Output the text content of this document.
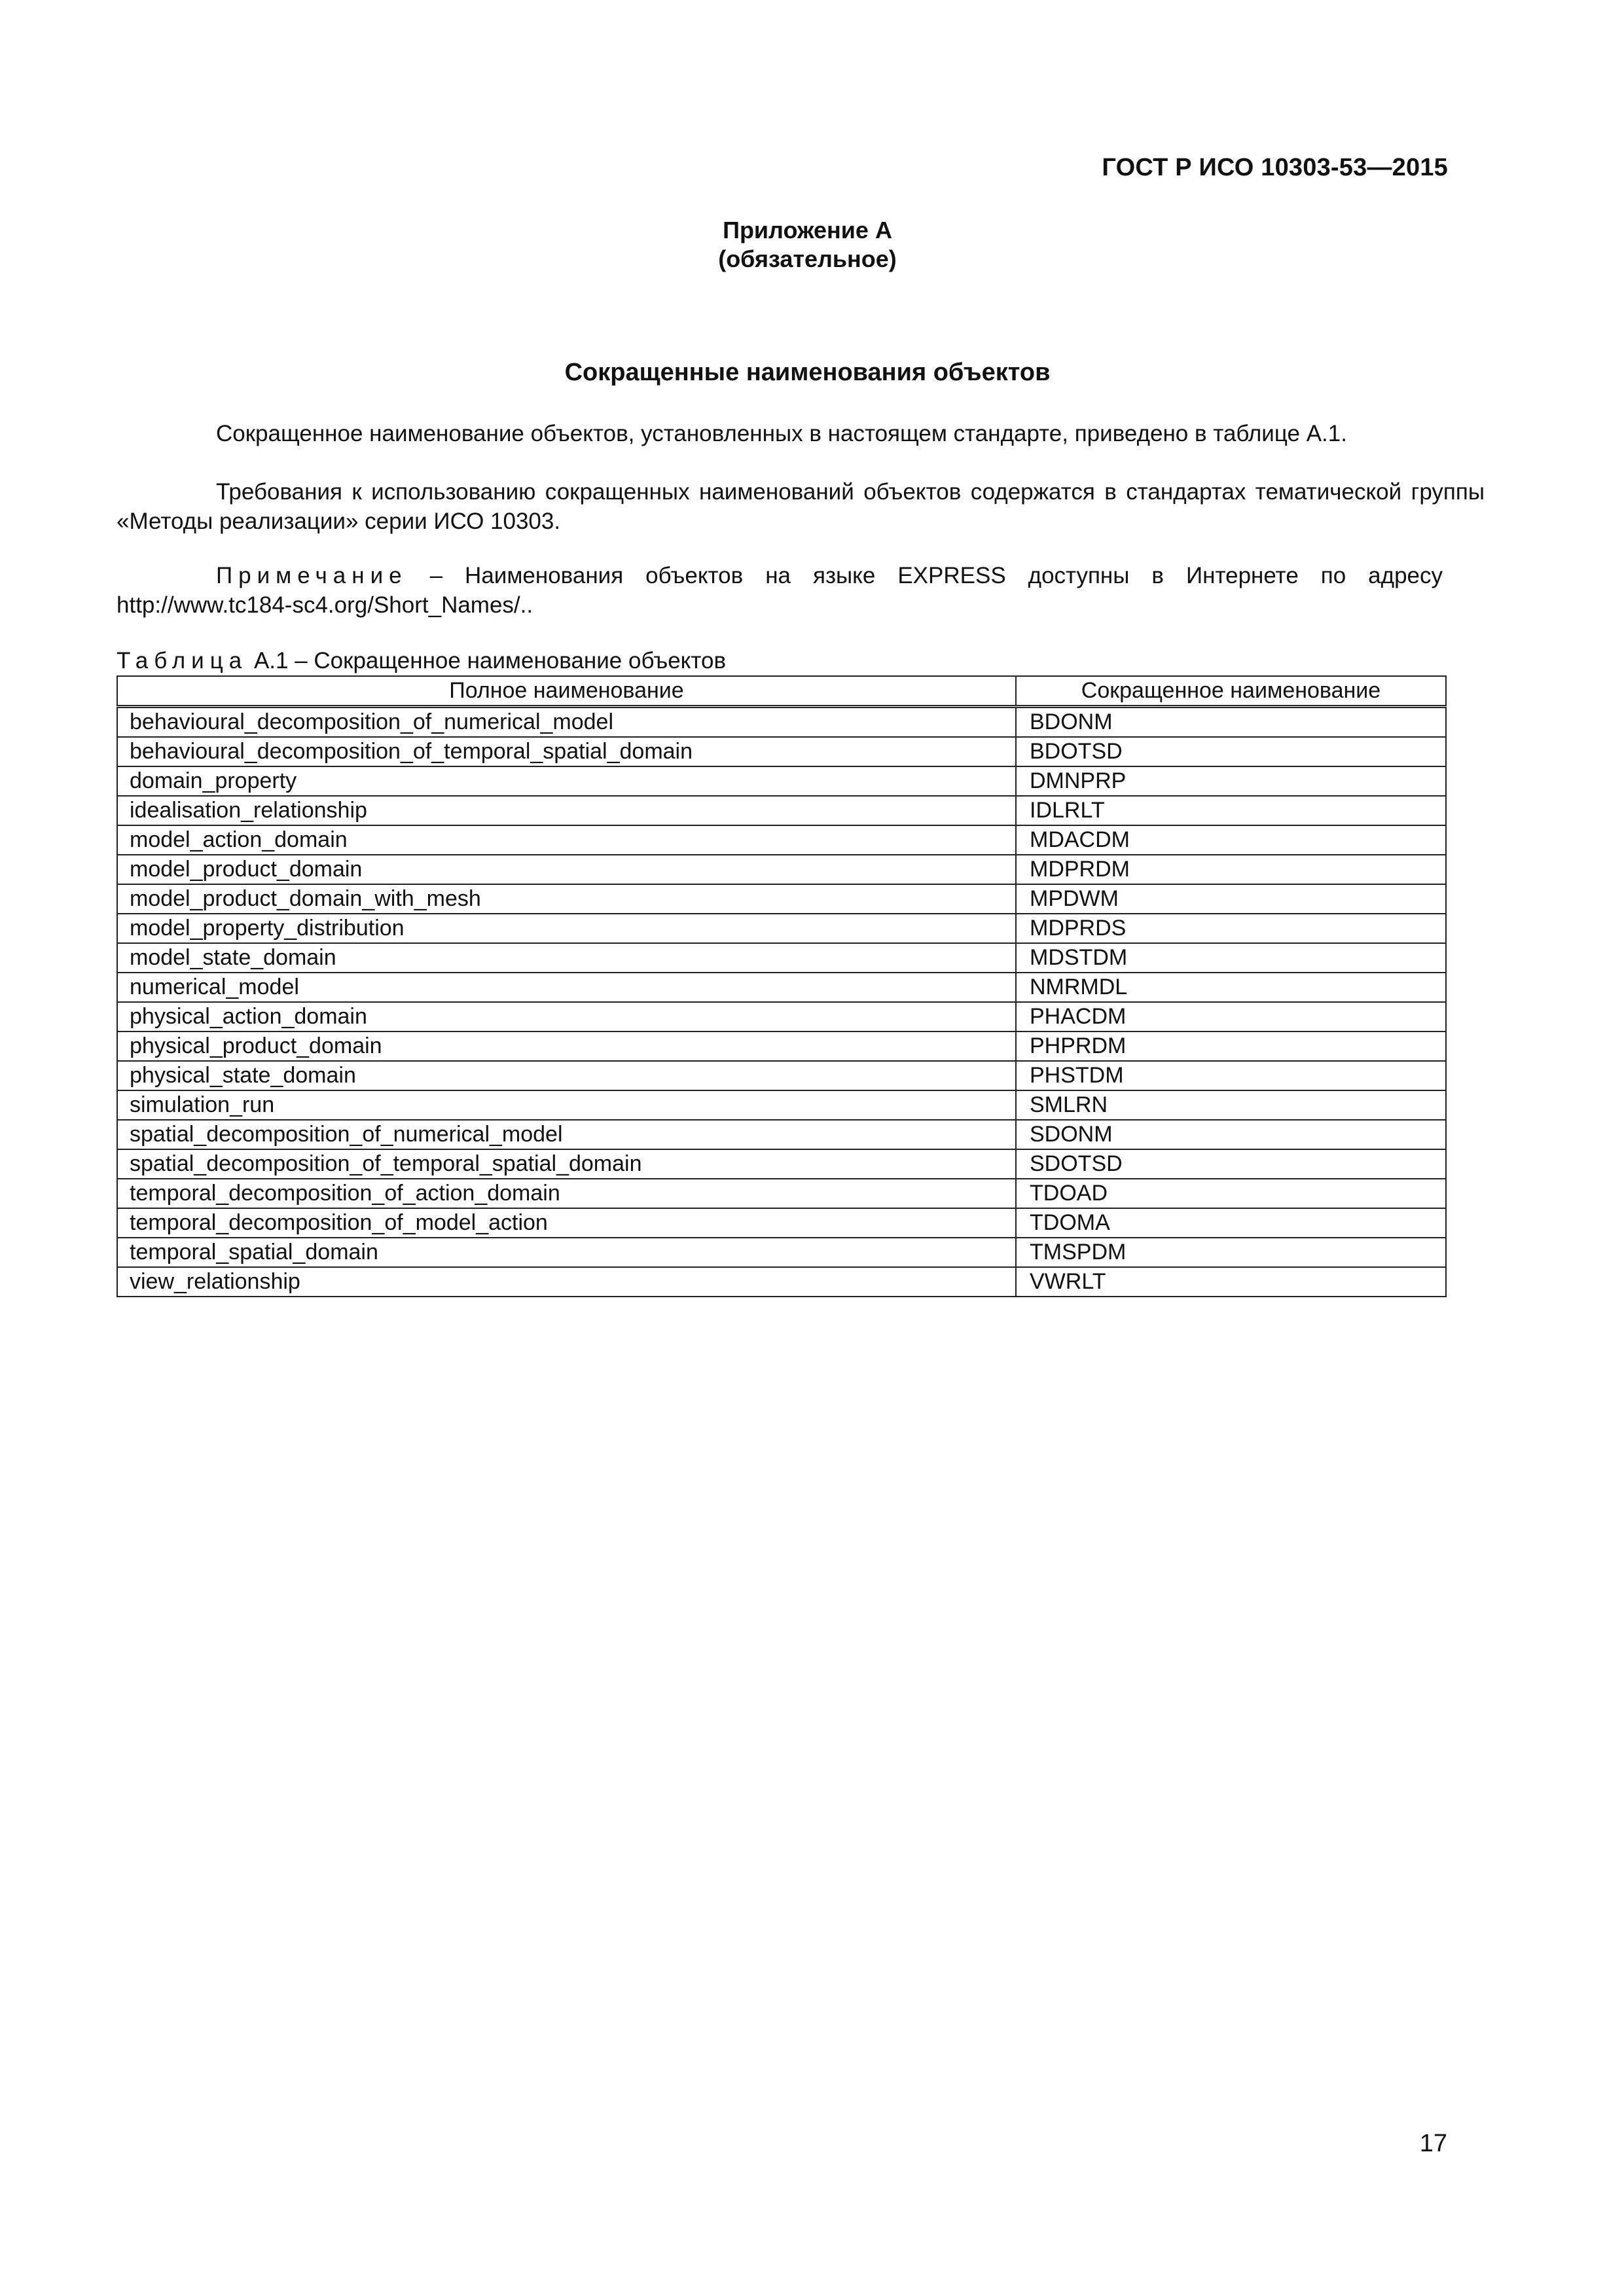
ГОСТ Р ИСО 10303-53—2015
Приложение А
(обязательное)
Сокращенные наименования объектов
Сокращенное наименование объектов, установленных в настоящем стандарте, приведено в таблице А.1.
Требования к использованию сокращенных наименований объектов содержатся в стандартах тематической группы «Методы реализации» серии ИСО 10303.
Примечание – Наименования объектов на языке EXPRESS доступны в Интернете по адресу http://www.tc184-sc4.org/Short_Names/..
Таблица А.1 – Сокращенное наименование объектов
Полное наименование	Сокращенное наименование
behavioural_decomposition_of_numerical_model	BDONM
behavioural_decomposition_of_temporal_spatial_domain	BDOTSD
domain_property	DMNPRP
idealisation_relationship	IDLRLT
model_action_domain	MDACDM
model_product_domain	MDPRDM
model_product_domain_with_mesh	MPDWM
model_property_distribution	MDPRDS
model_state_domain	MDSTDM
numerical_model	NMRMDL
physical_action_domain	PHACDM
physical_product_domain	PHPRDM
physical_state_domain	PHSTDM
simulation_run	SMLRN
spatial_decomposition_of_numerical_model	SDONM
spatial_decomposition_of_temporal_spatial_domain	SDOTSD
temporal_decomposition_of_action_domain	TDOAD
temporal_decomposition_of_model_action	TDOMA
temporal_spatial_domain	TMSPDM
view_relationship	VWRLT
17
